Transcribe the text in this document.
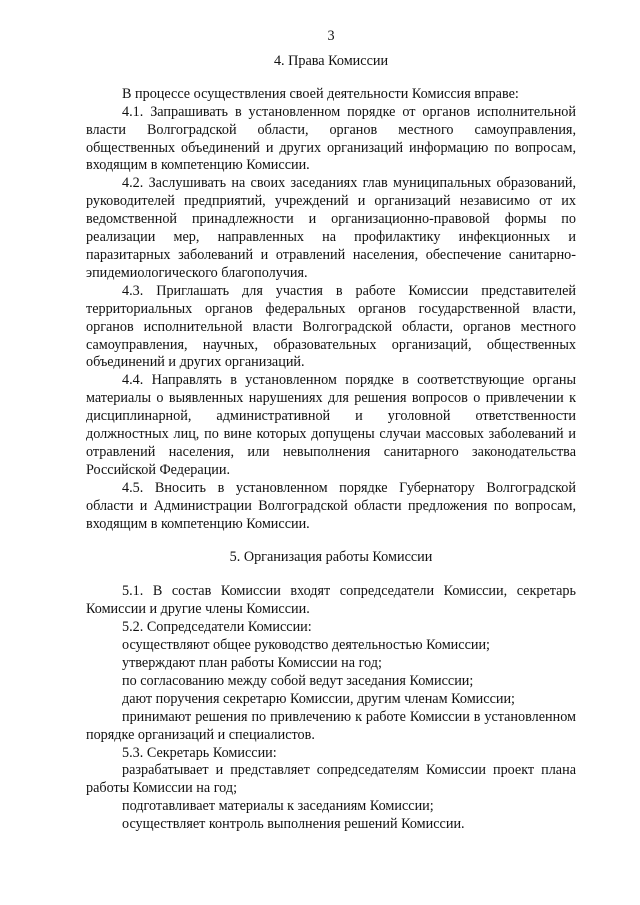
3
4. Права Комиссии

В процессе осуществления своей деятельности Комиссия вправе:

4.1. Запрашивать в установленном порядке от органов исполнительной власти Волгоградской области, органов местного самоуправления, общественных объединений и других организаций информацию по вопросам, входящим в компетенцию Комиссии.

4.2. Заслушивать на своих заседаниях глав муниципальных образований, руководителей предприятий, учреждений и организаций независимо от их ведомственной принадлежности и организационно-правовой формы по реализации мер, направленных на профилактику инфекционных и паразитарных заболеваний и отравлений населения, обеспечение санитарно-эпидемиологического благополучия.

4.3. Приглашать для участия в работе Комиссии представителей территориальных органов федеральных органов государственной власти, органов исполнительной власти Волгоградской области, органов местного самоуправления, научных, образовательных организаций, общественных объединений и других организаций.

4.4. Направлять в установленном порядке в соответствующие органы материалы о выявленных нарушениях для решения вопросов о привлечении к дисциплинарной, административной и уголовной ответственности должностных лиц, по вине которых допущены случаи массовых заболеваний и отравлений населения, или невыполнения санитарного законодательства Российской Федерации.

4.5. Вносить в установленном порядке Губернатору Волгоградской области и Администрации Волгоградской области предложения по вопросам, входящим в компетенцию Комиссии.

5. Организация работы Комиссии

5.1. В состав Комиссии входят сопредседатели Комиссии, секретарь Комиссии и другие члены Комиссии.

5.2. Сопредседатели Комиссии:

осуществляют общее руководство деятельностью Комиссии;

утверждают план работы Комиссии на год;

по согласованию между собой ведут заседания Комиссии;

дают поручения секретарю Комиссии, другим членам Комиссии;

принимают решения по привлечению к работе Комиссии в установленном порядке организаций и специалистов.

5.3. Секретарь Комиссии:

разрабатывает и представляет сопредседателям Комиссии проект плана работы Комиссии на год;

подготавливает материалы к заседаниям Комиссии;

осуществляет контроль выполнения решений Комиссии.
